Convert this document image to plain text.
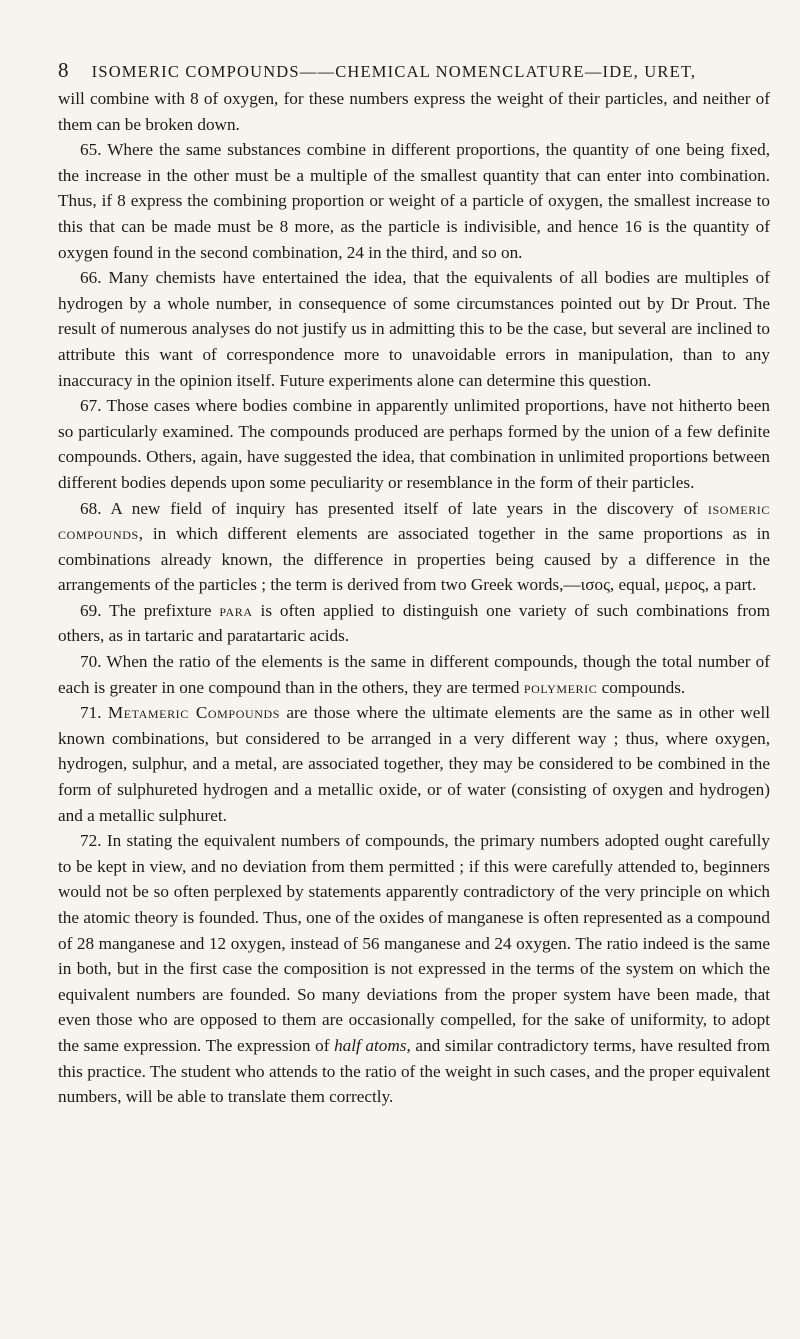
8 ISOMERIC COMPOUNDS——CHEMICAL NOMENCLATURE—IDE, URET,

will combine with 8 of oxygen, for these numbers express the weight of their particles, and neither of them can be broken down.

65. Where the same substances combine in different proportions, the quantity of one being fixed, the increase in the other must be a multiple of the smallest quantity that can enter into combination. Thus, if 8 express the combining proportion or weight of a particle of oxygen, the smallest increase to this that can be made must be 8 more, as the particle is indivisible, and hence 16 is the quantity of oxygen found in the second combination, 24 in the third, and so on.

66. Many chemists have entertained the idea, that the equivalents of all bodies are multiples of hydrogen by a whole number, in consequence of some circumstances pointed out by Dr Prout. The result of numerous analyses do not justify us in admitting this to be the case, but several are inclined to attribute this want of correspondence more to unavoidable errors in manipulation, than to any inaccuracy in the opinion itself. Future experiments alone can determine this question.

67. Those cases where bodies combine in apparently unlimited proportions, have not hitherto been so particularly examined. The compounds produced are perhaps formed by the union of a few definite compounds. Others, again, have suggested the idea, that combination in unlimited proportions between different bodies depends upon some peculiarity or resemblance in the form of their particles.

68. A new field of inquiry has presented itself of late years in the discovery of isomeric compounds, in which different elements are associated together in the same proportions as in combinations already known, the difference in properties being caused by a difference in the arrangements of the particles ; the term is derived from two Greek words,—ισος, equal, μερος, a part.

69. The prefixture para is often applied to distinguish one variety of such combinations from others, as in tartaric and paratartaric acids.

70. When the ratio of the elements is the same in different compounds, though the total number of each is greater in one compound than in the others, they are termed polymeric compounds.

71. Metameric Compounds are those where the ultimate elements are the same as in other well known combinations, but considered to be arranged in a very different way ; thus, where oxygen, hydrogen, sulphur, and a metal, are associated together, they may be considered to be combined in the form of sulphureted hydrogen and a metallic oxide, or of water (consisting of oxygen and hydrogen) and a metallic sulphuret.

72. In stating the equivalent numbers of compounds, the primary numbers adopted ought carefully to be kept in view, and no deviation from them permitted ; if this were carefully attended to, beginners would not be so often perplexed by statements apparently contradictory of the very principle on which the atomic theory is founded. Thus, one of the oxides of manganese is often represented as a compound of 28 manganese and 12 oxygen, instead of 56 manganese and 24 oxygen. The ratio indeed is the same in both, but in the first case the composition is not expressed in the terms of the system on which the equivalent numbers are founded. So many deviations from the proper system have been made, that even those who are opposed to them are occasionally compelled, for the sake of uniformity, to adopt the same expression. The expression of half atoms, and similar contradictory terms, have resulted from this practice. The student who attends to the ratio of the weight in such cases, and the proper equivalent numbers, will be able to translate them correctly.
